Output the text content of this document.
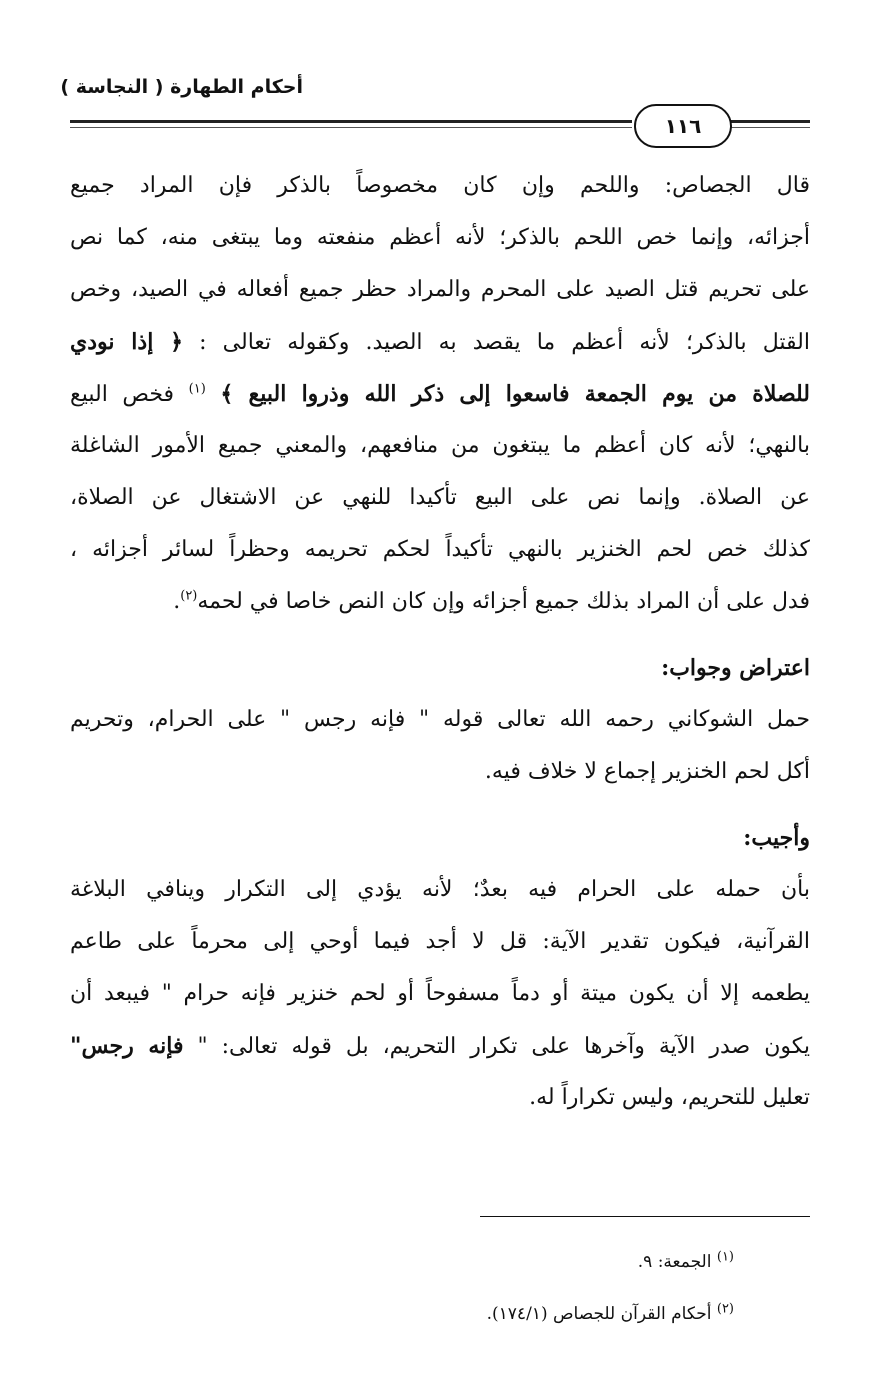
أحكام الطهارة ( النجاسة )
١١٦
قال الجصاص: واللحم وإن كان مخصوصاً بالذكر فإن المراد جميع
أجزائه، وإنما خص اللحم بالذكر؛ لأنه أعظم منفعته وما يبتغى منه، كما نص
على تحريم قتل الصيد على المحرم والمراد حظر جميع أفعاله في الصيد، وخص
القتل بالذكر؛ لأنه أعظم ما يقصد به الصيد. وكقوله تعالى : ﴿ إذا نودي
للصلاة من يوم الجمعة فاسعوا إلى ذكر الله وذروا البيع ﴾ $^{(١)}$ فخص البيع
بالنهي؛ لأنه كان أعظم ما يبتغون من منافعهم، والمعني جميع الأمور الشاغلة
عن الصلاة. وإنما نص على البيع تأكيدا للنهي عن الاشتغال عن الصلاة،
كذلك خص لحم الخنزير بالنهي تأكيداً لحكم تحريمه وحظراً لسائر أجزائه ،
فدل على أن المراد بذلك جميع أجزائه وإن كان النص خاصا في لحمه$^{(٢)}$.
اعتراض وجواب:
حمل الشوكاني رحمه الله تعالى قوله " فإنه رجس " على الحرام، وتحريم
أكل لحم الخنزير إجماع لا خلاف فيه.
وأجيب:
بأن حمله على الحرام فيه بعدٌ؛ لأنه يؤدي إلى التكرار وينافي البلاغة
القرآنية، فيكون تقدير الآية: قل لا أجد فيما أوحي إلى محرماً على طاعم
يطعمه إلا أن يكون ميتة أو دماً مسفوحاً أو لحم خنزير فإنه حرام " فيبعد أن
يكون صدر الآية وآخرها على تكرار التحريم، بل قوله تعالى: " فإنه رجس"
تعليل للتحريم، وليس تكراراً له.
$^{(١)}$ الجمعة: ٩.
$^{(٢)}$ أحكام القرآن للجصاص (١٧٤/١).
